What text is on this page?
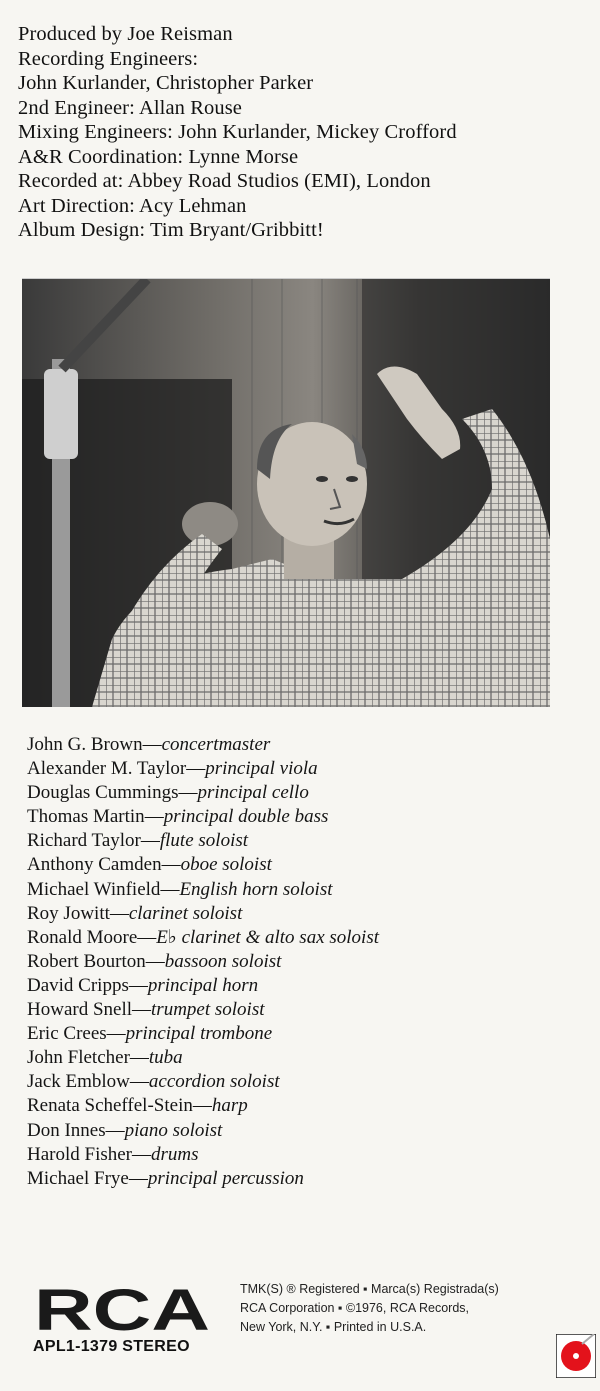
Produced by Joe Reisman
Recording Engineers:
John Kurlander, Christopher Parker
2nd Engineer: Allan Rouse
Mixing Engineers: John Kurlander, Mickey Crofford
A&R Coordination: Lynne Morse
Recorded at: Abbey Road Studios (EMI), London
Art Direction: Acy Lehman
Album Design: Tim Bryant/Gribbitt!
John G. Brown—concertmaster
Alexander M. Taylor—principal viola
Douglas Cummings—principal cello
Thomas Martin—principal double bass
Richard Taylor—flute soloist
Anthony Camden—oboe soloist
Michael Winfield—English horn soloist
Roy Jowitt—clarinet soloist
Ronald Moore—E♭ clarinet & alto sax soloist
Robert Bourton—bassoon soloist
David Cripps—principal horn
Howard Snell—trumpet soloist
Eric Crees—principal trombone
John Fletcher—tuba
Jack Emblow—accordion soloist
Renata Scheffel-Stein—harp
Don Innes—piano soloist
Harold Fisher—drums
Michael Frye—principal percussion
RCA
APL1-1379 STEREO
TMK(S) ® Registered ▪ Marca(s) Registrada(s)
RCA Corporation ▪ ©1976, RCA Records,
New York, N.Y. ▪ Printed in U.S.A.
